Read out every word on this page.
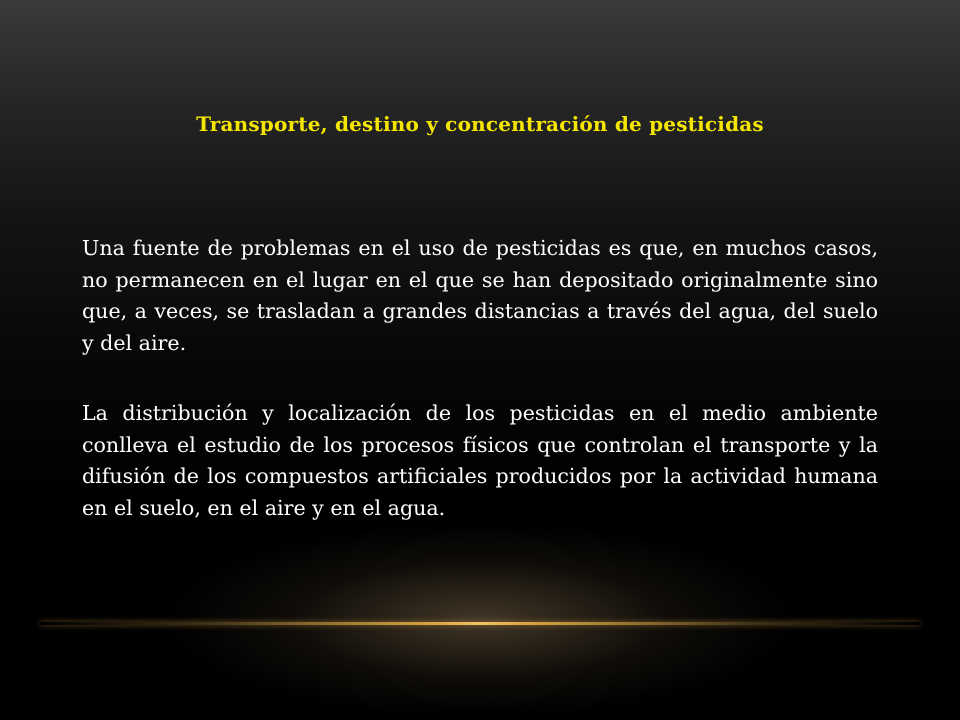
Transporte, destino y concentración de pesticidas

Una fuente de problemas en el uso de pesticidas es que, en muchos casos, no permanecen en el lugar en el que se han depositado originalmente sino que, a veces, se trasladan a grandes distancias a través del agua, del suelo y del aire.

La distribución y localización de los pesticidas en el medio ambiente conlleva el estudio de los procesos físicos que controlan el transporte y la difusión de los compuestos artificiales producidos por la actividad humana en el suelo, en el aire y en el agua.
